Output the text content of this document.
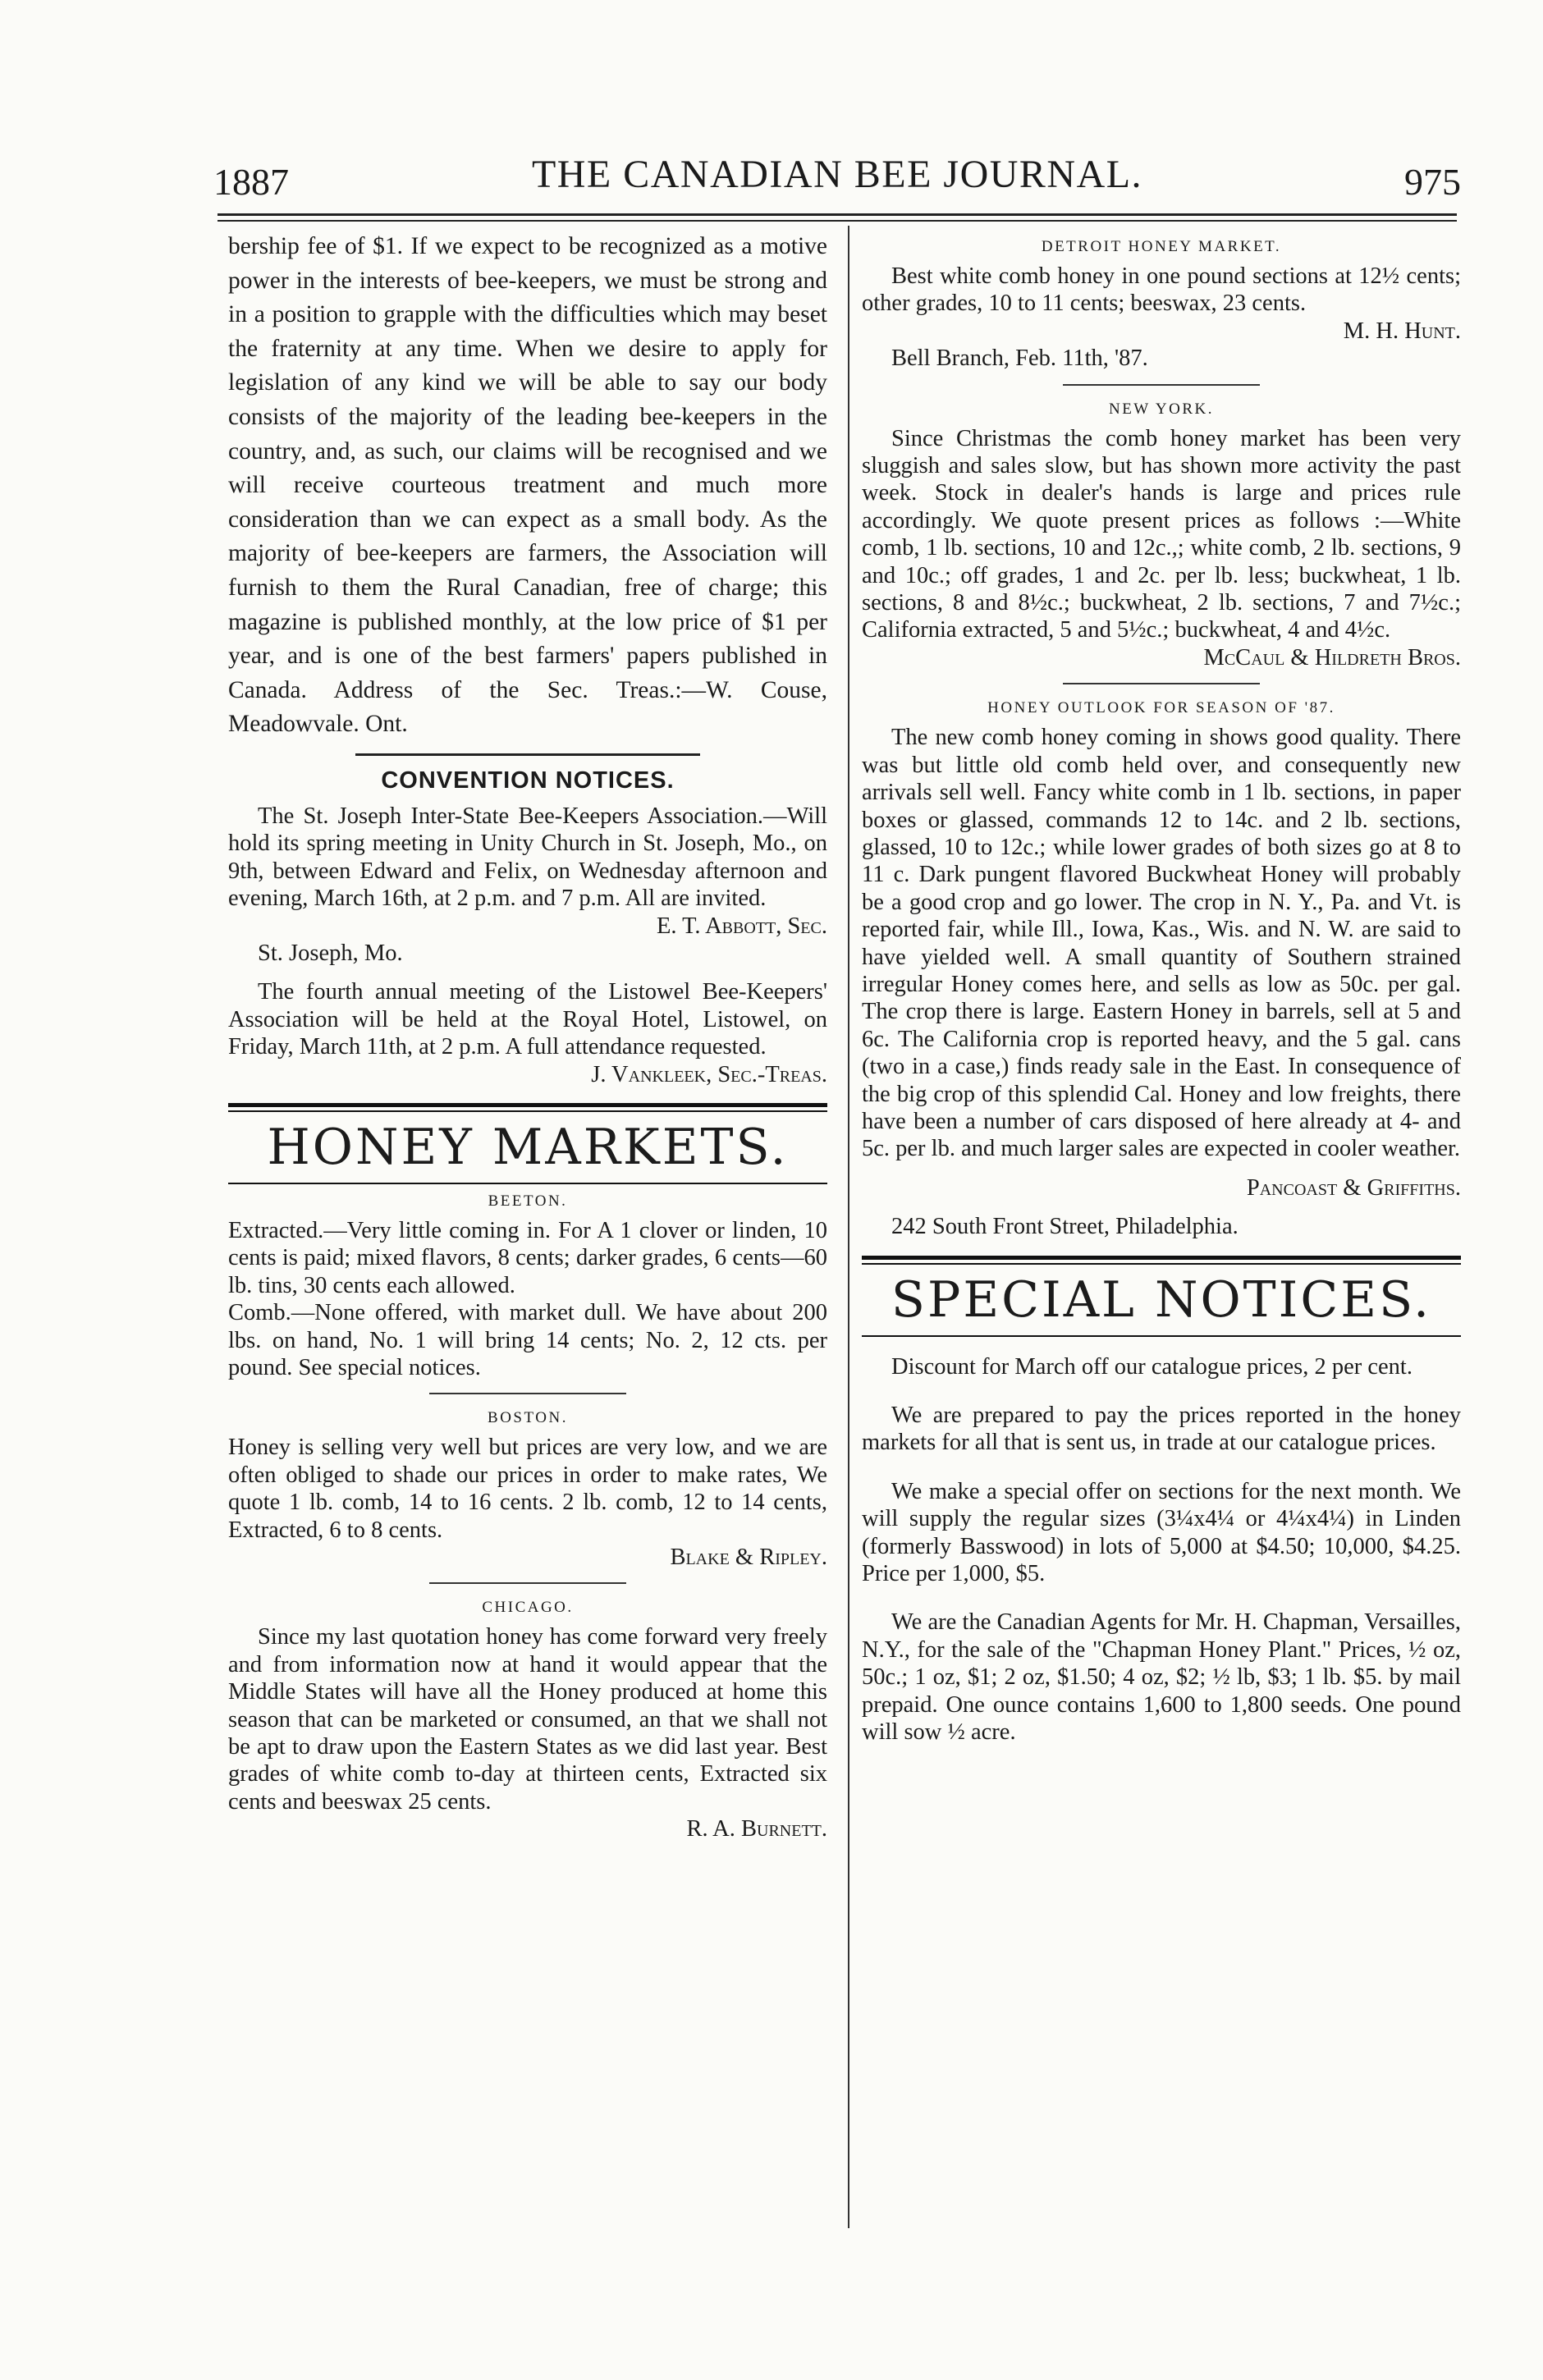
1887	THE CANADIAN BEE JOURNAL.	975

bership fee of $1. If we expect to be recognized as a motive power in the interests of bee-keepers, we must be strong and in a position to grapple with the difficulties which may beset the fraternity at any time. When we desire to apply for legislation of any kind we will be able to say our body consists of the majority of the leading bee-keepers in the country, and, as such, our claims will be recognised and we will receive courteous treatment and much more consideration than we can expect as a small body. As the majority of bee-keepers are farmers, the Association will furnish to them the Rural Canadian, free of charge; this magazine is published monthly, at the low price of $1 per year, and is one of the best farmers' papers published in Canada. Address of the Sec. Treas.:—W. Couse, Meadowvale. Ont.

CONVENTION NOTICES.

The St. Joseph Inter-State Bee-Keepers Association.—Will hold its spring meeting in Unity Church in St. Joseph, Mo., on 9th, between Edward and Felix, on Wednesday afternoon and evening, March 16th, at 2 p.m. and 7 p.m. All are invited.

E. T. Abbott, Sec.

St. Joseph, Mo.

The fourth annual meeting of the Listowel Bee-Keepers' Association will be held at the Royal Hotel, Listowel, on Friday, March 11th, at 2 p.m. A full attendance requested.

J. Vankleek, Sec.-Treas.

HONEY MARKETS.
BEETON.

Extracted.—Very little coming in. For A 1 clover or linden, 10 cents is paid; mixed flavors, 8 cents; darker grades, 6 cents—60 lb. tins, 30 cents each allowed.

Comb.—None offered, with market dull. We have about 200 lbs. on hand, No. 1 will bring 14 cents; No. 2, 12 cts. per pound. See special notices.

BOSTON.

Honey is selling very well but prices are very low, and we are often obliged to shade our prices in order to make rates, We quote 1 lb. comb, 14 to 16 cents. 2 lb. comb, 12 to 14 cents, Extracted, 6 to 8 cents.

Blake & Ripley.

CHICAGO.

Since my last quotation honey has come forward very freely and from information now at hand it would appear that the Middle States will have all the Honey produced at home this season that can be marketed or consumed, an that we shall not be apt to draw upon the Eastern States as we did last year. Best grades of white comb to-day at thirteen cents, Extracted six cents and beeswax 25 cents.

R. A. Burnett.

DETROIT HONEY MARKET.

Best white comb honey in one pound sections at 12½ cents; other grades, 10 to 11 cents; beeswax, 23 cents.

M. H. Hunt.

Bell Branch, Feb. 11th, '87.

NEW YORK.

Since Christmas the comb honey market has been very sluggish and sales slow, but has shown more activity the past week. Stock in dealer's hands is large and prices rule accordingly. We quote present prices as follows :—White comb, 1 lb. sections, 10 and 12c.,; white comb, 2 lb. sections, 9 and 10c.; off grades, 1 and 2c. per lb. less; buckwheat, 1 lb. sections, 8 and 8½c.; buckwheat, 2 lb. sections, 7 and 7½c.; California extracted, 5 and 5½c.; buckwheat, 4 and 4½c.

McCaul & Hildreth Bros.

HONEY OUTLOOK FOR SEASON OF '87.

The new comb honey coming in shows good quality. There was but little old comb held over, and consequently new arrivals sell well. Fancy white comb in 1 lb. sections, in paper boxes or glassed, commands 12 to 14c. and 2 lb. sections, glassed, 10 to 12c.; while lower grades of both sizes go at 8 to 11 c. Dark pungent flavored Buckwheat Honey will probably be a good crop and go lower. The crop in N. Y., Pa. and Vt. is reported fair, while Ill., Iowa, Kas., Wis. and N. W. are said to have yielded well. A small quantity of Southern strained irregular Honey comes here, and sells as low as 50c. per gal. The crop there is large. Eastern Honey in barrels, sell at 5 and 6c. The California crop is reported heavy, and the 5 gal. cans (two in a case,) finds ready sale in the East. In consequence of the big crop of this splendid Cal. Honey and low freights, there have been a number of cars disposed of here already at 4- and 5c. per lb. and much larger sales are expected in cooler weather.

Pancoast & Griffiths.

242 South Front Street, Philadelphia.

SPECIAL NOTICES.

Discount for March off our catalogue prices, 2 per cent.

We are prepared to pay the prices reported in the honey markets for all that is sent us, in trade at our catalogue prices.

We make a special offer on sections for the next month. We will supply the regular sizes (3¼x4¼ or 4¼x4¼) in Linden (formerly Basswood) in lots of 5,000 at $4.50; 10,000, $4.25. Price per 1,000, $5.

We are the Canadian Agents for Mr. H. Chapman, Versailles, N.Y., for the sale of the "Chapman Honey Plant." Prices, ½ oz, 50c.; 1 oz, $1; 2 oz, $1.50; 4 oz, $2; ½ lb, $3; 1 lb. $5. by mail prepaid. One ounce contains 1,600 to 1,800 seeds. One pound will sow ½ acre.
